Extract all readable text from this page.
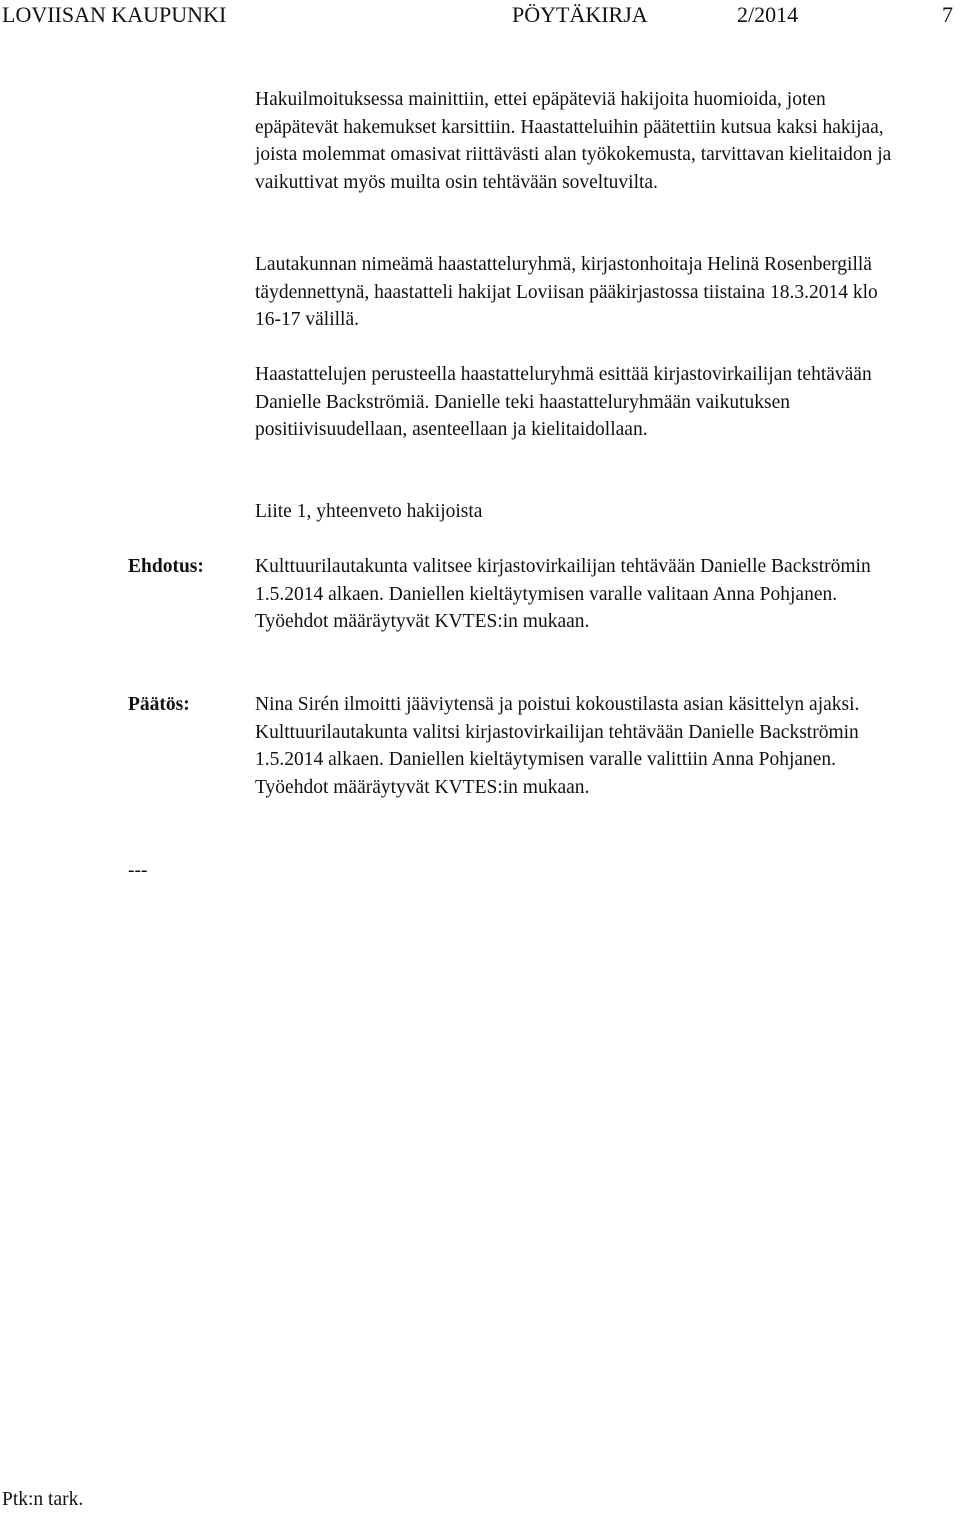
LOVIISAN KAUPUNKI	PÖYTÄKIRJA	2/2014	7

Hakuilmoituksessa mainittiin, ettei epäpäteviä hakijoita huomioida, joten epäpätevät hakemukset karsittiin. Haastatteluihin päätettiin kutsua kaksi hakijaa, joista molemmat omasivat riittävästi alan työkokemusta, tarvittavan kielitaidon ja vaikuttivat myös muilta osin tehtävään soveltuvilta.

Lautakunnan nimeämä haastatteluryhmä, kirjastonhoitaja Helinä Rosenbergillä täydennettynä, haastatteli hakijat Loviisan pääkirjastossa tiistaina 18.3.2014 klo 16-17 välillä.

Haastattelujen perusteella haastatteluryhmä esittää kirjastovirkailijan tehtävään Danielle Backströmiä. Danielle teki haastatteluryhmään vaikutuksen positiivisuudellaan, asenteellaan ja kielitaidollaan.

Liite 1, yhteenveto hakijoista

Ehdotus:	Kulttuurilautakunta valitsee kirjastovirkailijan tehtävään Danielle Backströmin 1.5.2014 alkaen. Daniellen kieltäytymisen varalle valitaan Anna Pohjanen. Työehdot määräytyvät KVTES:in mukaan.

Päätös:	Nina Sirén ilmoitti jääviytensä ja poistui kokoustilasta asian käsittelyn ajaksi. Kulttuurilautakunta valitsi kirjastovirkailijan tehtävään Danielle Backströmin 1.5.2014 alkaen. Daniellen kieltäytymisen varalle valittiin Anna Pohjanen. Työehdot määräytyvät KVTES:in mukaan.

---
Ptk:n tark.
